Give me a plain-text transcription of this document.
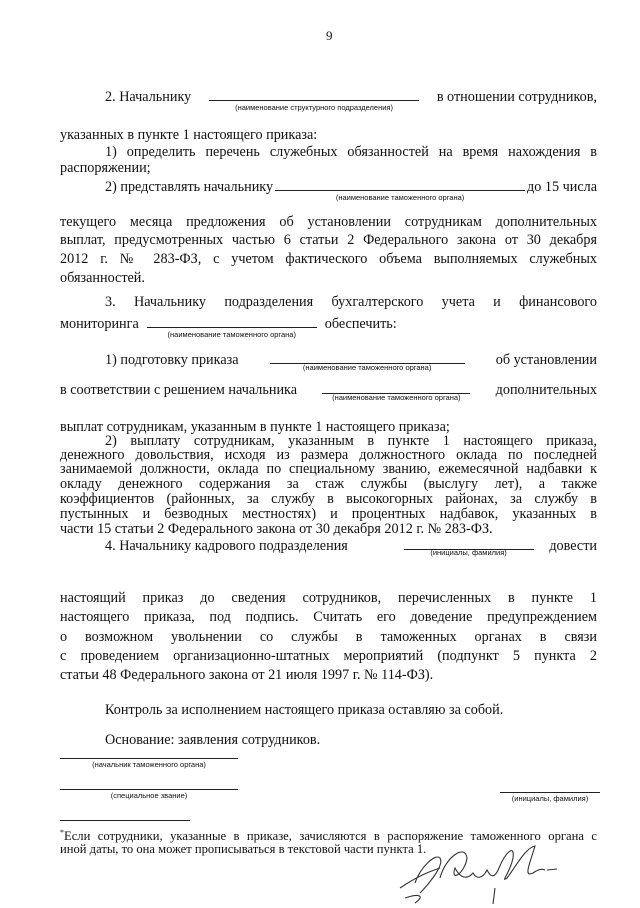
9
2. Начальнику
(наименование структурного подразделения)
в отношении сотрудников,
указанных в пункте 1 настоящего приказа:
1) определить перечень служебных обязанностей на время нахождения в
распоряжении;
2) представлять начальнику
(наименование таможенного органа)
до 15 числа
текущего месяца предложения об установлении сотрудникам дополнительных
выплат, предусмотренных частью 6 статьи 2 Федерального закона от 30 декабря
2012 г. № 283-ФЗ, с учетом фактического объема выполняемых служебных
обязанностей.
3. Начальнику подразделения бухгалтерского учета и финансового
мониторинга
(наименование таможенного органа)
обеспечить:
1) подготовку приказа	(наименование таможенного органа)	об установлении
в соответствии с решением начальника	(наименование таможенного органа)	дополнительных
выплат сотрудникам, указанным в пункте 1 настоящего приказа;
2) выплату сотрудникам, указанным в пункте 1 настоящего приказа,
денежного довольствия, исходя из размера должностного оклада по последней
занимаемой должности, оклада по специальному званию, ежемесячной надбавки к
окладу денежного содержания за стаж службы (выслугу лет), а также
коэффициентов (районных, за службу в высокогорных районах, за службу в
пустынных и безводных местностях) и процентных надбавок, указанных в
части 15 статьи 2 Федерального закона от 30 декабря 2012 г. № 283-ФЗ.
4. Начальнику кадрового подразделения	(инициалы, фамилия)	довести
настоящий приказ до сведения сотрудников, перечисленных в пункте 1
настоящего приказа, под подпись. Считать его доведение предупреждением
о возможном увольнении со службы в таможенных органах в связи
с проведением организационно-штатных мероприятий (подпункт 5 пункта 2
статьи 48 Федерального закона от 21 июля 1997 г. № 114-ФЗ).
Контроль за исполнением настоящего приказа оставляю за собой.
Основание: заявления сотрудников.
(начальник таможенного органа)
(специальное звание)	(инициалы, фамилия)
*Если сотрудники, указанные в приказе, зачисляются в распоряжение таможенного органа с
иной даты, то она может прописываться в текстовой части пункта 1.
